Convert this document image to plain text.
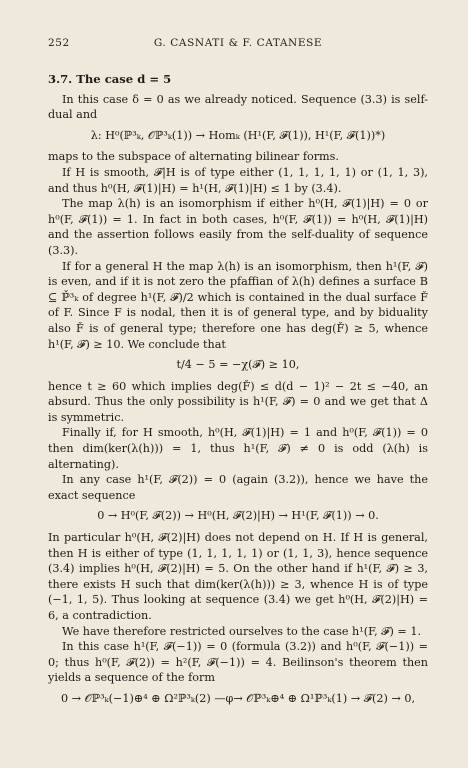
252	G. CASNATI & F. CATANESE
3.7. The case d = 5

In this case δ = 0 as we already noticed. Sequence (3.3) is self-dual and

λ: H⁰(ℙ³ₖ, 𝒪ℙ³ₖ(1)) → Homₖ (H¹(F, 𝓕(1)), H¹(F, 𝓕(1))*)

maps to the subspace of alternating bilinear forms.

If H is smooth, 𝓕|H is of type either (1, 1, 1, 1, 1) or (1, 1, 3), and thus h⁰(H, 𝓕(1)|H) = h¹(H, 𝓕(1)|H) ≤ 1 by (3.4).

The map λ(h) is an isomorphism if either h⁰(H, 𝓕(1)|H) = 0 or h⁰(F, 𝓕(1)) = 1. In fact in both cases, h⁰(F, 𝓕(1)) = h⁰(H, 𝓕(1)|H) and the assertion follows easily from the self-duality of sequence (3.3).

If for a general H the map λ(h) is an isomorphism, then h¹(F, 𝓕) is even, and if it is not zero the pfaffian of λ(h) defines a surface B ⊆ ℙ̌³ₖ of degree h¹(F, 𝓕)/2 which is contained in the dual surface F̌ of F. Since F is nodal, then it is of general type, and by biduality also F̌ is of general type; therefore one has deg(F̌) ≥ 5, whence h¹(F, 𝓕) ≥ 10. We conclude that

t/4 − 5 = −χ(𝓕) ≥ 10,

hence t ≥ 60 which implies deg(F̌) ≤ d(d − 1)² − 2t ≤ −40, an absurd. Thus the only possibility is h¹(F, 𝓕) = 0 and we get that Δ is symmetric.

Finally if, for H smooth, h⁰(H, 𝓕(1)|H) = 1 and h⁰(F, 𝓕(1)) = 0 then dim(ker(λ(h))) = 1, thus h¹(F, 𝓕) ≠ 0 is odd (λ(h) is alternating).

In any case h¹(F, 𝓕(2)) = 0 (again (3.2)), hence we have the exact sequence

0 → H⁰(F, 𝓕(2)) → H⁰(H, 𝓕(2)|H) → H¹(F, 𝓕(1)) → 0.

In particular h⁰(H, 𝓕(2)|H) does not depend on H. If H is general, then H is either of type (1, 1, 1, 1, 1) or (1, 1, 3), hence sequence (3.4) implies h⁰(H, 𝓕(2)|H) = 5. On the other hand if h¹(F, 𝓕) ≥ 3, there exists H such that dim(ker(λ(h))) ≥ 3, whence H is of type (−1, 1, 5). Thus looking at sequence (3.4) we get h⁰(H, 𝓕(2)|H) = 6, a contradiction.

We have therefore restricted ourselves to the case h¹(F, 𝓕) = 1.

In this case h¹(F, 𝓕(−1)) = 0 (formula (3.2)) and h⁰(F, 𝓕(−1)) = 0; thus h⁰(F, 𝓕(2)) = h²(F, 𝓕(−1)) = 4. Beilinson's theorem then yields a sequence of the form

0 → 𝒪ℙ³ₖ(−1)⊕⁴ ⊕ Ω²ℙ³ₖ(2) —φ→ 𝒪ℙ³ₖ⊕⁴ ⊕ Ω¹ℙ³ₖ(1) → 𝓕(2) → 0,
